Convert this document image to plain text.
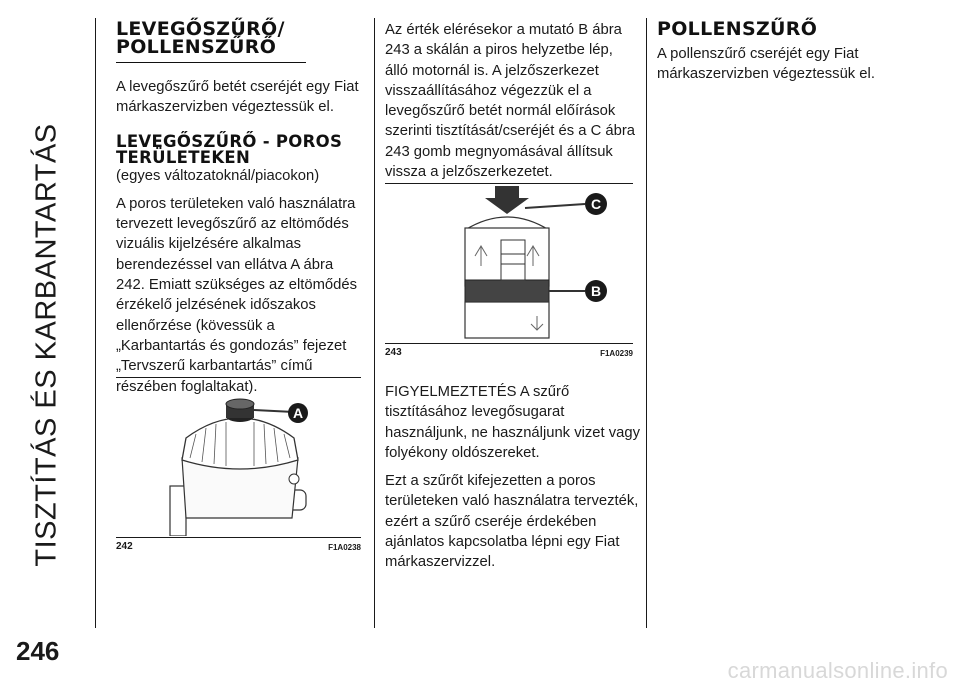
TISZTÍTÁS ÉS KARBANTARTÁS
246
LEVEGŐSZŰRŐ/ POLLENSZŰRŐ

A levegőszűrő betét cseréjét egy Fiat márkaszervizben végeztessük el.

LEVEGŐSZŰRŐ - POROS TERÜLETEKEN

(egyes változatoknál/piacokon)

A poros területeken való használatra tervezett levegőszűrő az eltömődés vizuális kijelzésére alkalmas berendezéssel van ellátva A ábra 242. Emiatt szükséges az eltömődés érzékelő jelzésének időszakos ellenőrzése (kövessük a „Karbantartás és gondozás” fejezet „Tervszerű karbantartás” című részében foglaltakat).

A
242	F1A0238

Az érték elérésekor a mutató B ábra 243 a skálán a piros helyzetbe lép, álló motornál is. A jelzőszerkezet visszaállításához végezzük el a levegőszűrő betét normál előírások szerinti tisztítását/cseréjét és a C ábra 243 gomb megnyomásával állítsuk vissza a jelzőszerkezetet.

C
B
243	F1A0239

FIGYELMEZTETÉS A szűrő tisztításához levegősugarat használjunk, ne használjunk vizet vagy folyékony oldószereket.

Ezt a szűrőt kifejezetten a poros területeken való használatra tervezték, ezért a szűrő cseréje érdekében ajánlatos kapcsolatba lépni egy Fiat márkaszervizzel.

POLLENSZŰRŐ

A pollenszűrő cseréjét egy Fiat márkaszervizben végeztessük el.

carmanualsonline.info
